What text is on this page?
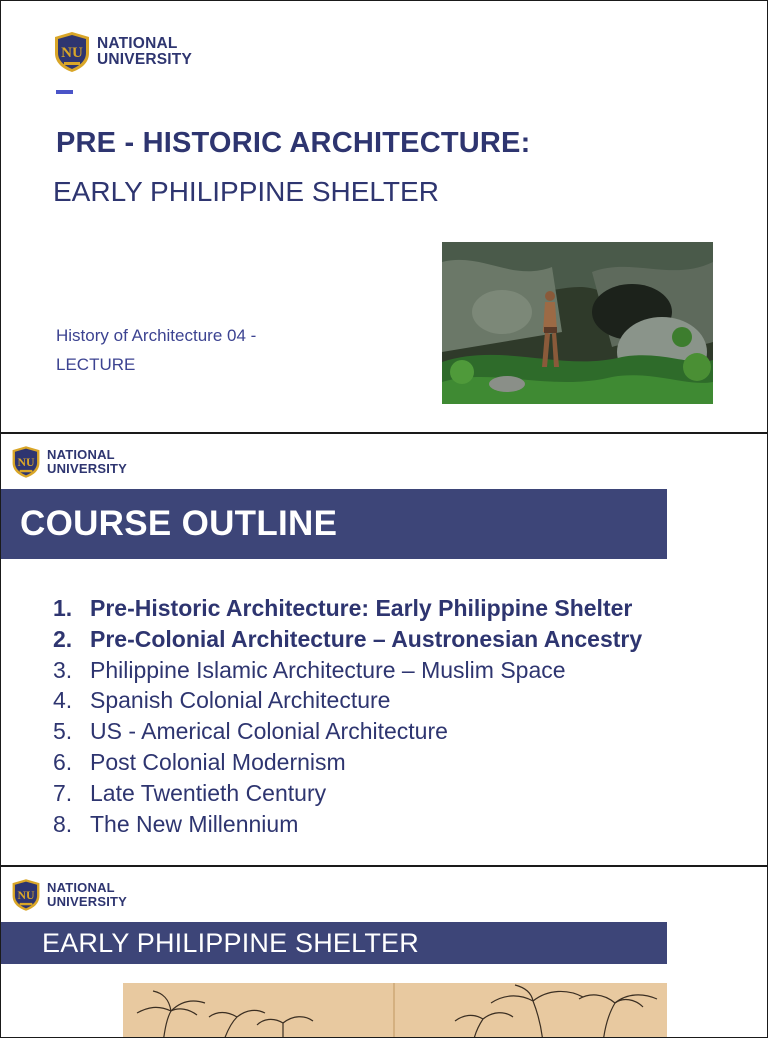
NU
NATIONAL
UNIVERSITY
PRE - HISTORIC ARCHITECTURE:
EARLY PHILIPPINE SHELTER
History of Architecture 04 -
LECTURE
NU NATIONAL
UNIVERSITY
COURSE OUTLINE
1. Pre-Historic Architecture: Early Philippine Shelter
2. Pre-Colonial Architecture – Austronesian Ancestry
3. Philippine Islamic Architecture – Muslim Space
4. Spanish Colonial Architecture
5. US - Americal Colonial Architecture
6. Post Colonial Modernism
7. Late Twentieth Century
8. The New Millennium
NU NATIONAL
UNIVERSITY
EARLY PHILIPPINE SHELTER
